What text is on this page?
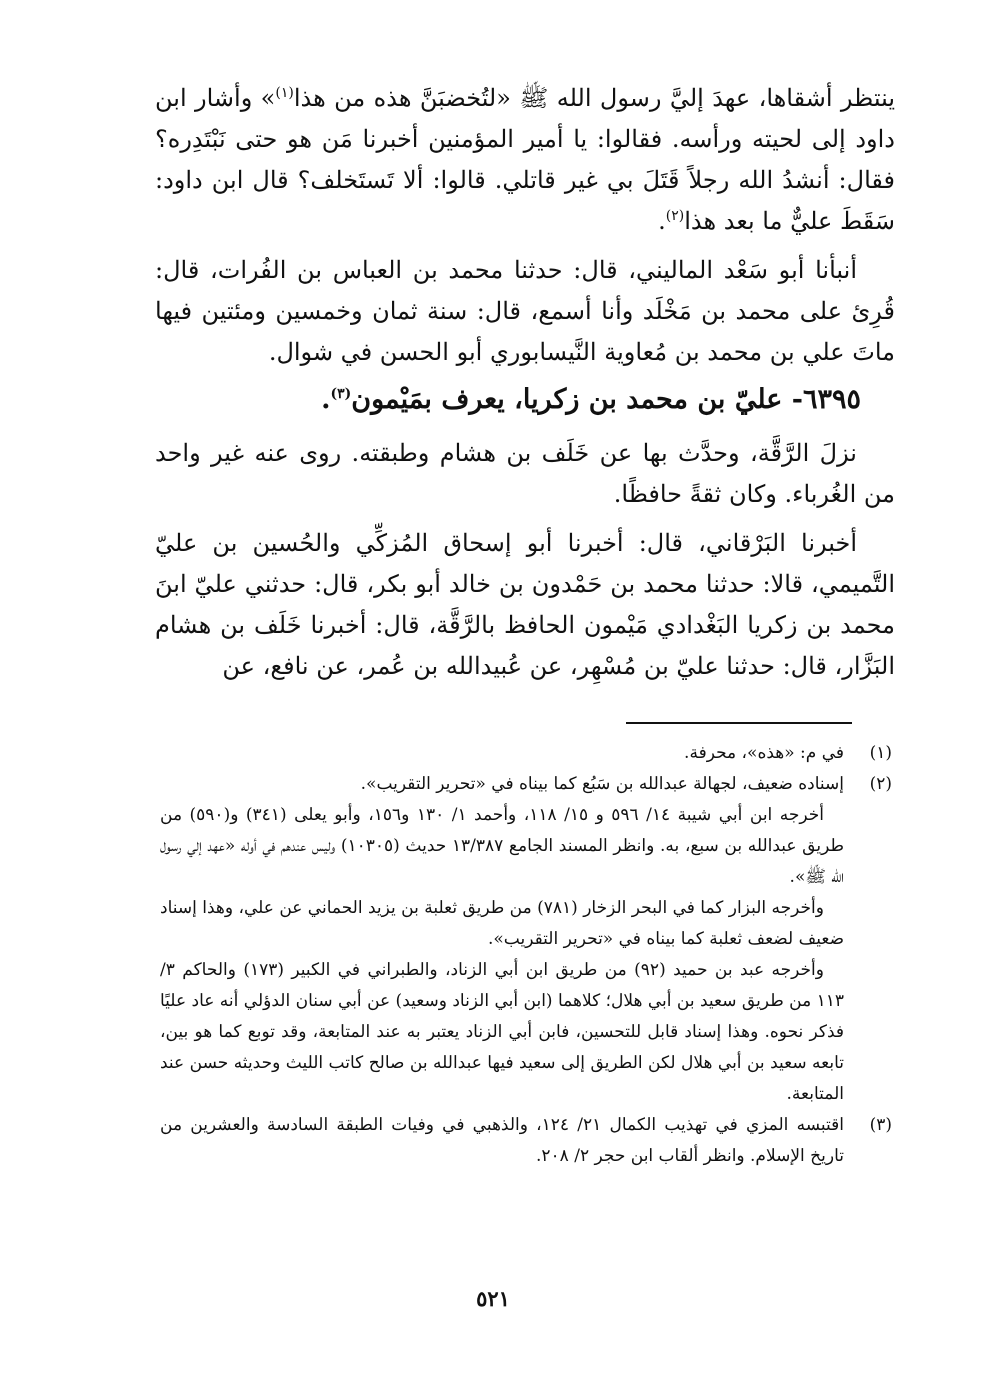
ينتظر أشقاها، عهدَ إليَّ رسول الله ﷺ «لتُخضبَنَّ هذه من هذا$^{(١)}$» وأشار ابن داود إلى لحيته ورأسه. فقالوا: يا أمير المؤمنين أخبرنا مَن هو حتى نَبْتَدِره؟ فقال: أنشدُ الله رجلاً قَتَلَ بي غير قاتلي. قالوا: ألا تَستَخلف؟ قال ابن داود: سَقَطَ عليٌّ ما بعد هذا$^{(٢)}$.

أنبأنا أبو سَعْد الماليني، قال: حدثنا محمد بن العباس بن الفُرات، قال: قُرِئ على محمد بن مَخْلَد وأنا أسمع، قال: سنة ثمان وخمسين ومئتين فيها ماتَ علي بن محمد بن مُعاوية النَّيسابوري أبو الحسن في شوال.

٦٣٩٥- عليّ بن محمد بن زكريا، يعرف بمَيْمون$^{(٣)}$.

نزلَ الرَّقَّة، وحدَّث بها عن خَلَف بن هشام وطبقته. روى عنه غير واحد من الغُرباء. وكان ثقةً حافظًا.

أخبرنا البَرْقاني، قال: أخبرنا أبو إسحاق المُزكِّي والحُسين بن عليّ التَّميمي، قالا: حدثنا محمد بن حَمْدون بن خالد أبو بكر، قال: حدثني عليّ ابنَ محمد بن زكريا البَغْدادي مَيْمون الحافظ بالرَّقَّة، قال: أخبرنا خَلَف بن هشام البَزَّار، قال: حدثنا عليّ بن مُسْهِر، عن عُبيدالله بن عُمر، عن نافع، عن

(١)

في م: «هذه»، محرفة.

(٢)

إسناده ضعيف، لجهالة عبدالله بن سَبُع كما بيناه في «تحرير التقريب».

أخرجه ابن أبي شيبة ١٤/ ٥٩٦ و ١٥/ ١١٨، وأحمد ١/ ١٣٠ و١٥٦، وأبو يعلى (٣٤١) و(٥٩٠) من طريق عبدالله بن سبع، به. وانظر المسند الجامع ١٣/٣٨٧ حديث (١٠٣٠٥) وليس عندهم في أوله «عهد إلي رسول الله ﷺ».

وأخرجه البزار كما في البحر الزخار (٧٨١) من طريق ثعلبة بن يزيد الحماني عن علي، وهذا إسناد ضعيف لضعف ثعلبة كما بيناه في «تحرير التقريب».

وأخرجه عبد بن حميد (٩٢) من طريق ابن أبي الزناد، والطبراني في الكبير (١٧٣) والحاكم ٣/ ١١٣ من طريق سعيد بن أبي هلال؛ كلاهما (ابن أبي الزناد وسعيد) عن أبي سنان الدؤلي أنه عاد عليًا فذكر نحوه. وهذا إسناد قابل للتحسين، فابن أبي الزناد يعتبر به عند المتابعة، وقد توبع كما هو بين، تابعه سعيد بن أبي هلال لكن الطريق إلى سعيد فيها عبدالله بن صالح كاتب الليث وحديثه حسن عند المتابعة.

(٣)

اقتبسه المزي في تهذيب الكمال ٢١/ ١٢٤، والذهبي في وفيات الطبقة السادسة والعشرين من تاريخ الإسلام. وانظر ألقاب ابن حجر ٢/ ٢٠٨.

٥٢١
